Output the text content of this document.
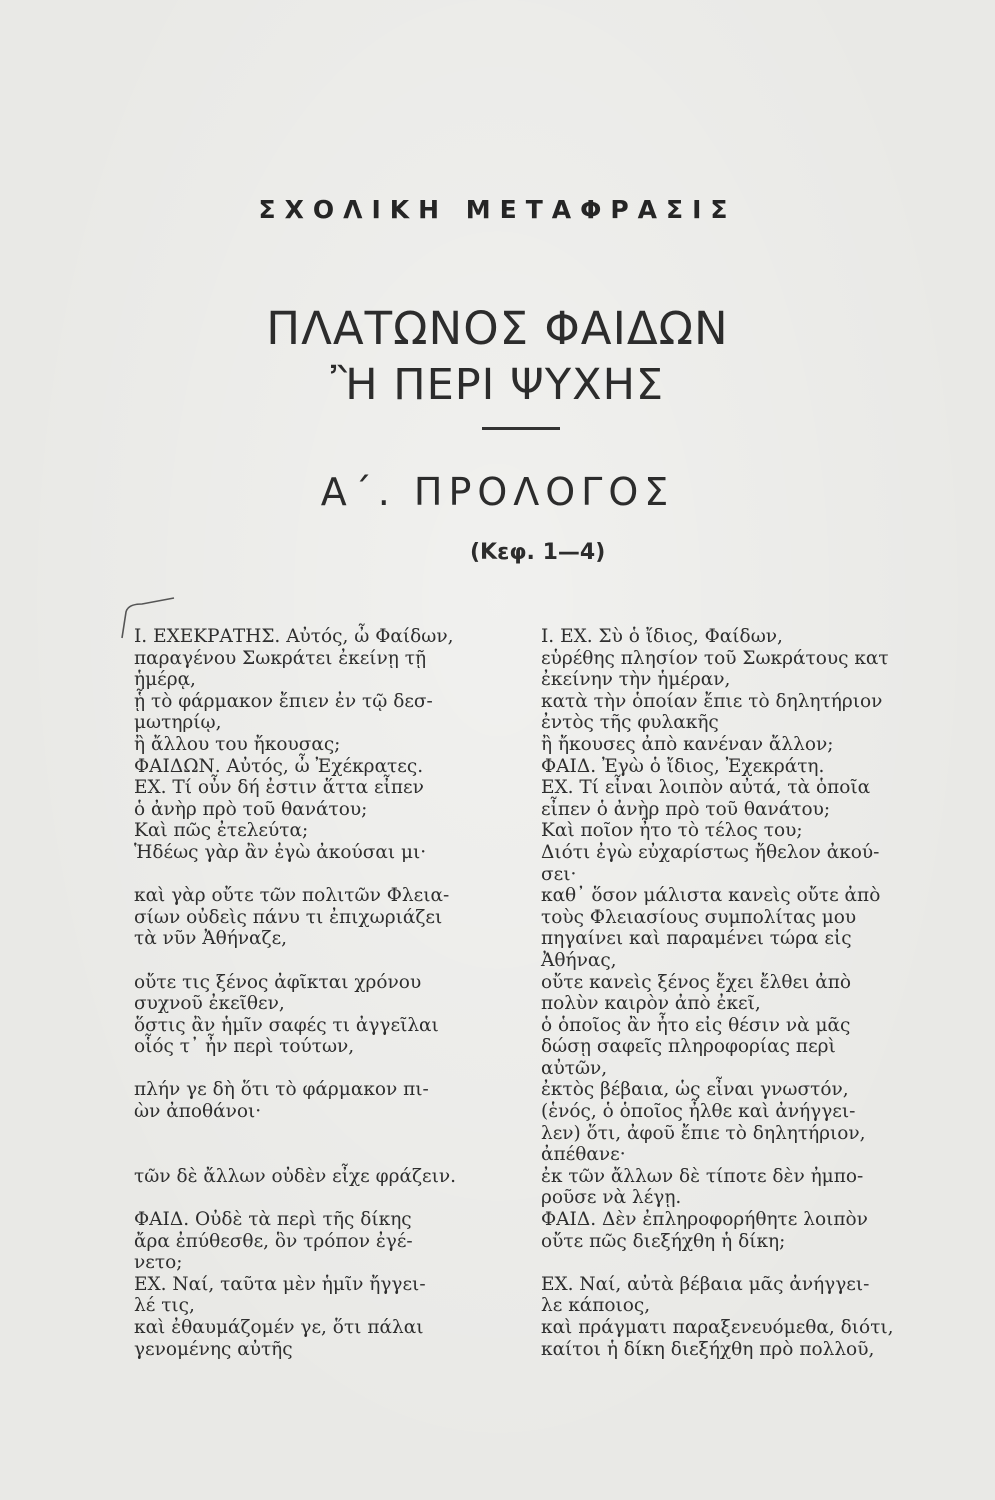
ΣΧΟΛΙΚΗ ΜΕΤΑΦΡΑΣΙΣ
ΠΛΑΤΩΝΟΣ ΦΑΙΔΩΝ
Ἢ ΠΕΡΙ ΨΥΧΗΣ
Α΄. ΠΡΟΛΟΓΟΣ
(Κεφ. 1—4)
I. ΕΧΕΚΡΑΤΗΣ. Αὐτός, ὦ Φαίδων,
παραγένου Σωκράτει ἐκείνῃ τῇ
ἡμέρᾳ,
ᾗ τὸ φάρμακον ἔπιεν ἐν τῷ δεσ-
μωτηρίῳ,
ἢ ἄλλου του ἤκουσας;
ΦΑΙΔΩΝ. Αὐτός, ὦ Ἐχέκρατες.
ΕΧ. Τί οὖν δή ἐστιν ἅττα εἶπεν
ὁ ἀνὴρ πρὸ τοῦ θανάτου;
Καὶ πῶς ἐτελεύτα;
Ἡδέως γὰρ ἂν ἐγὼ ἀκούσαι μι·
καὶ γὰρ οὔτε τῶν πολιτῶν Φλεια-
σίων οὐδεὶς πάνυ τι ἐπιχωριάζει
τὰ νῦν Ἀθήναζε,
οὔτε τις ξένος ἀφῖκται χρόνου
συχνοῦ ἐκεῖθεν,
ὅστις ἂν ἡμῖν σαφές τι ἀγγεῖλαι
οἷός τ᾽ ἦν περὶ τούτων,
πλήν γε δὴ ὅτι τὸ φάρμακον πι-
ὼν ἀποθάνοι·
τῶν δὲ ἄλλων οὐδὲν εἶχε φράζειν.
ΦΑΙΔ. Οὐδὲ τὰ περὶ τῆς δίκης
ἄρα ἐπύθεσθε, ὃν τρόπον ἐγέ-
νετο;
ΕΧ. Ναί, ταῦτα μὲν ἡμῖν ἤγγει-
λέ τις,
καὶ ἐθαυμάζομέν γε, ὅτι πάλαι
γενομένης αὐτῆς
I. ΕΧ. Σὺ ὁ ἴδιος, Φαίδων,
εὑρέθης πλησίον τοῦ Σωκράτους κατ
ἐκείνην τὴν ἡμέραν,
κατὰ τὴν ὁποίαν ἔπιε τὸ δηλητήριον
ἐντὸς τῆς φυλακῆς
ἢ ἤκουσες ἀπὸ κανέναν ἄλλον;
ΦΑΙΔ. Ἐγὼ ὁ ἴδιος, Ἐχεκράτη.
ΕΧ. Τί εἶναι λοιπὸν αὐτά, τὰ ὁποῖα
εἶπεν ὁ ἀνὴρ πρὸ τοῦ θανάτου;
Καὶ ποῖον ἦτο τὸ τέλος του;
Διότι ἐγὼ εὐχαρίστως ἤθελον ἀκού-
σει·
καθ᾽ ὅσον μάλιστα κανεὶς οὔτε ἀπὸ
τοὺς Φλειασίους συμπολίτας μου
πηγαίνει καὶ παραμένει τώρα εἰς
Ἀθήνας,
οὔτε κανεὶς ξένος ἔχει ἔλθει ἀπὸ
πολὺν καιρὸν ἀπὸ ἐκεῖ,
ὁ ὁποῖος ἂν ἦτο εἰς θέσιν νὰ μᾶς
δώσῃ σαφεῖς πληροφορίας περὶ
αὐτῶν,
ἐκτὸς βέβαια, ὡς εἶναι γνωστόν,
(ἑνός, ὁ ὁποῖος ἦλθε καὶ ἀνήγγει-
λεν) ὅτι, ἀφοῦ ἔπιε τὸ δηλητήριον,
ἀπέθανε·
ἐκ τῶν ἄλλων δὲ τίποτε δὲν ἠμπο-
ροῦσε νὰ λέγῃ.
ΦΑΙΔ. Δὲν ἐπληροφορήθητε λοιπὸν
οὔτε πῶς διεξήχθη ἡ δίκη;
ΕΧ. Ναί, αὐτὰ βέβαια μᾶς ἀνήγγει-
λε κάποιος,
καὶ πράγματι παραξενευόμεθα, διότι,
καίτοι ἡ δίκη διεξήχθη πρὸ πολλοῦ,
